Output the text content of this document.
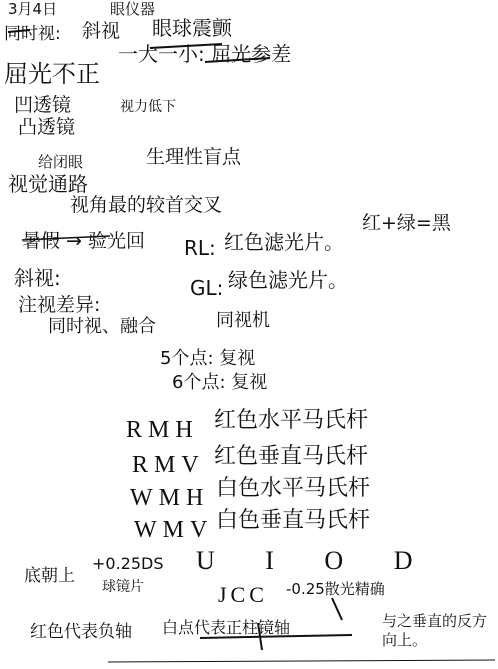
3月4日	眼仪器
同时视: 斜视 眼球震颤
一大一小: 屈光参差
屈光不正
凹透镜
凸透镜
视力低下
给闭眼	生理性盲点
视觉通路
视角最的较首交叉
暑假 → 验光回
红+绿=黑
RL: 红色滤光片。
GL: 绿色滤光片。
斜视:
注视差异:
同时视、融合	同视机
5个点: 复视
6个点: 复视
RMH 红色水平马氏杆
RMV 红色垂直马氏杆
WMH 白色水平马氏杆
WMV 白色垂直马氏杆
底朝上
+0.25DS
球镜片
U I O D
JCC -0.25散光精确
红色代表负轴 白点代表正柱镜轴	与之垂直的反方向上。
